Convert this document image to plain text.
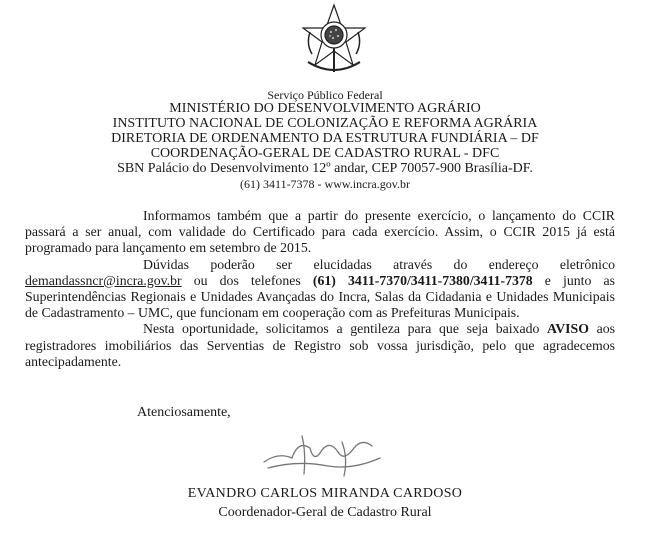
Serviço Público Federal
MINISTÉRIO DO DESENVOLVIMENTO AGRÁRIO
INSTITUTO NACIONAL DE COLONIZAÇÃO E REFORMA AGRÁRIA
DIRETORIA DE ORDENAMENTO DA ESTRUTURA FUNDIÁRIA – DF
COORDENAÇÃO-GERAL DE CADASTRO RURAL - DFC
SBN Palácio do Desenvolvimento 12º andar, CEP 70057-900 Brasília-DF.
(61) 3411-7378 - www.incra.gov.br

Informamos também que a partir do presente exercício, o lançamento do CCIR passará a ser anual, com validade do Certificado para cada exercício. Assim, o CCIR 2015 já está programado para lançamento em setembro de 2015.

Dúvidas poderão ser elucidadas através do endereço eletrônico demandassncr@incra.gov.br ou dos telefones (61) 3411-7370/3411-7380/3411-7378 e junto as Superintendências Regionais e Unidades Avançadas do Incra, Salas da Cidadania e Unidades Municipais de Cadastramento – UMC, que funcionam em cooperação com as Prefeituras Municipais.

Nesta oportunidade, solicitamos a gentileza para que seja baixado AVISO aos registradores imobiliários das Serventias de Registro sob vossa jurisdição, pelo que agradecemos antecipadamente.

Atenciosamente,
EVANDRO CARLOS MIRANDA CARDOSO
Coordenador-Geral de Cadastro Rural
